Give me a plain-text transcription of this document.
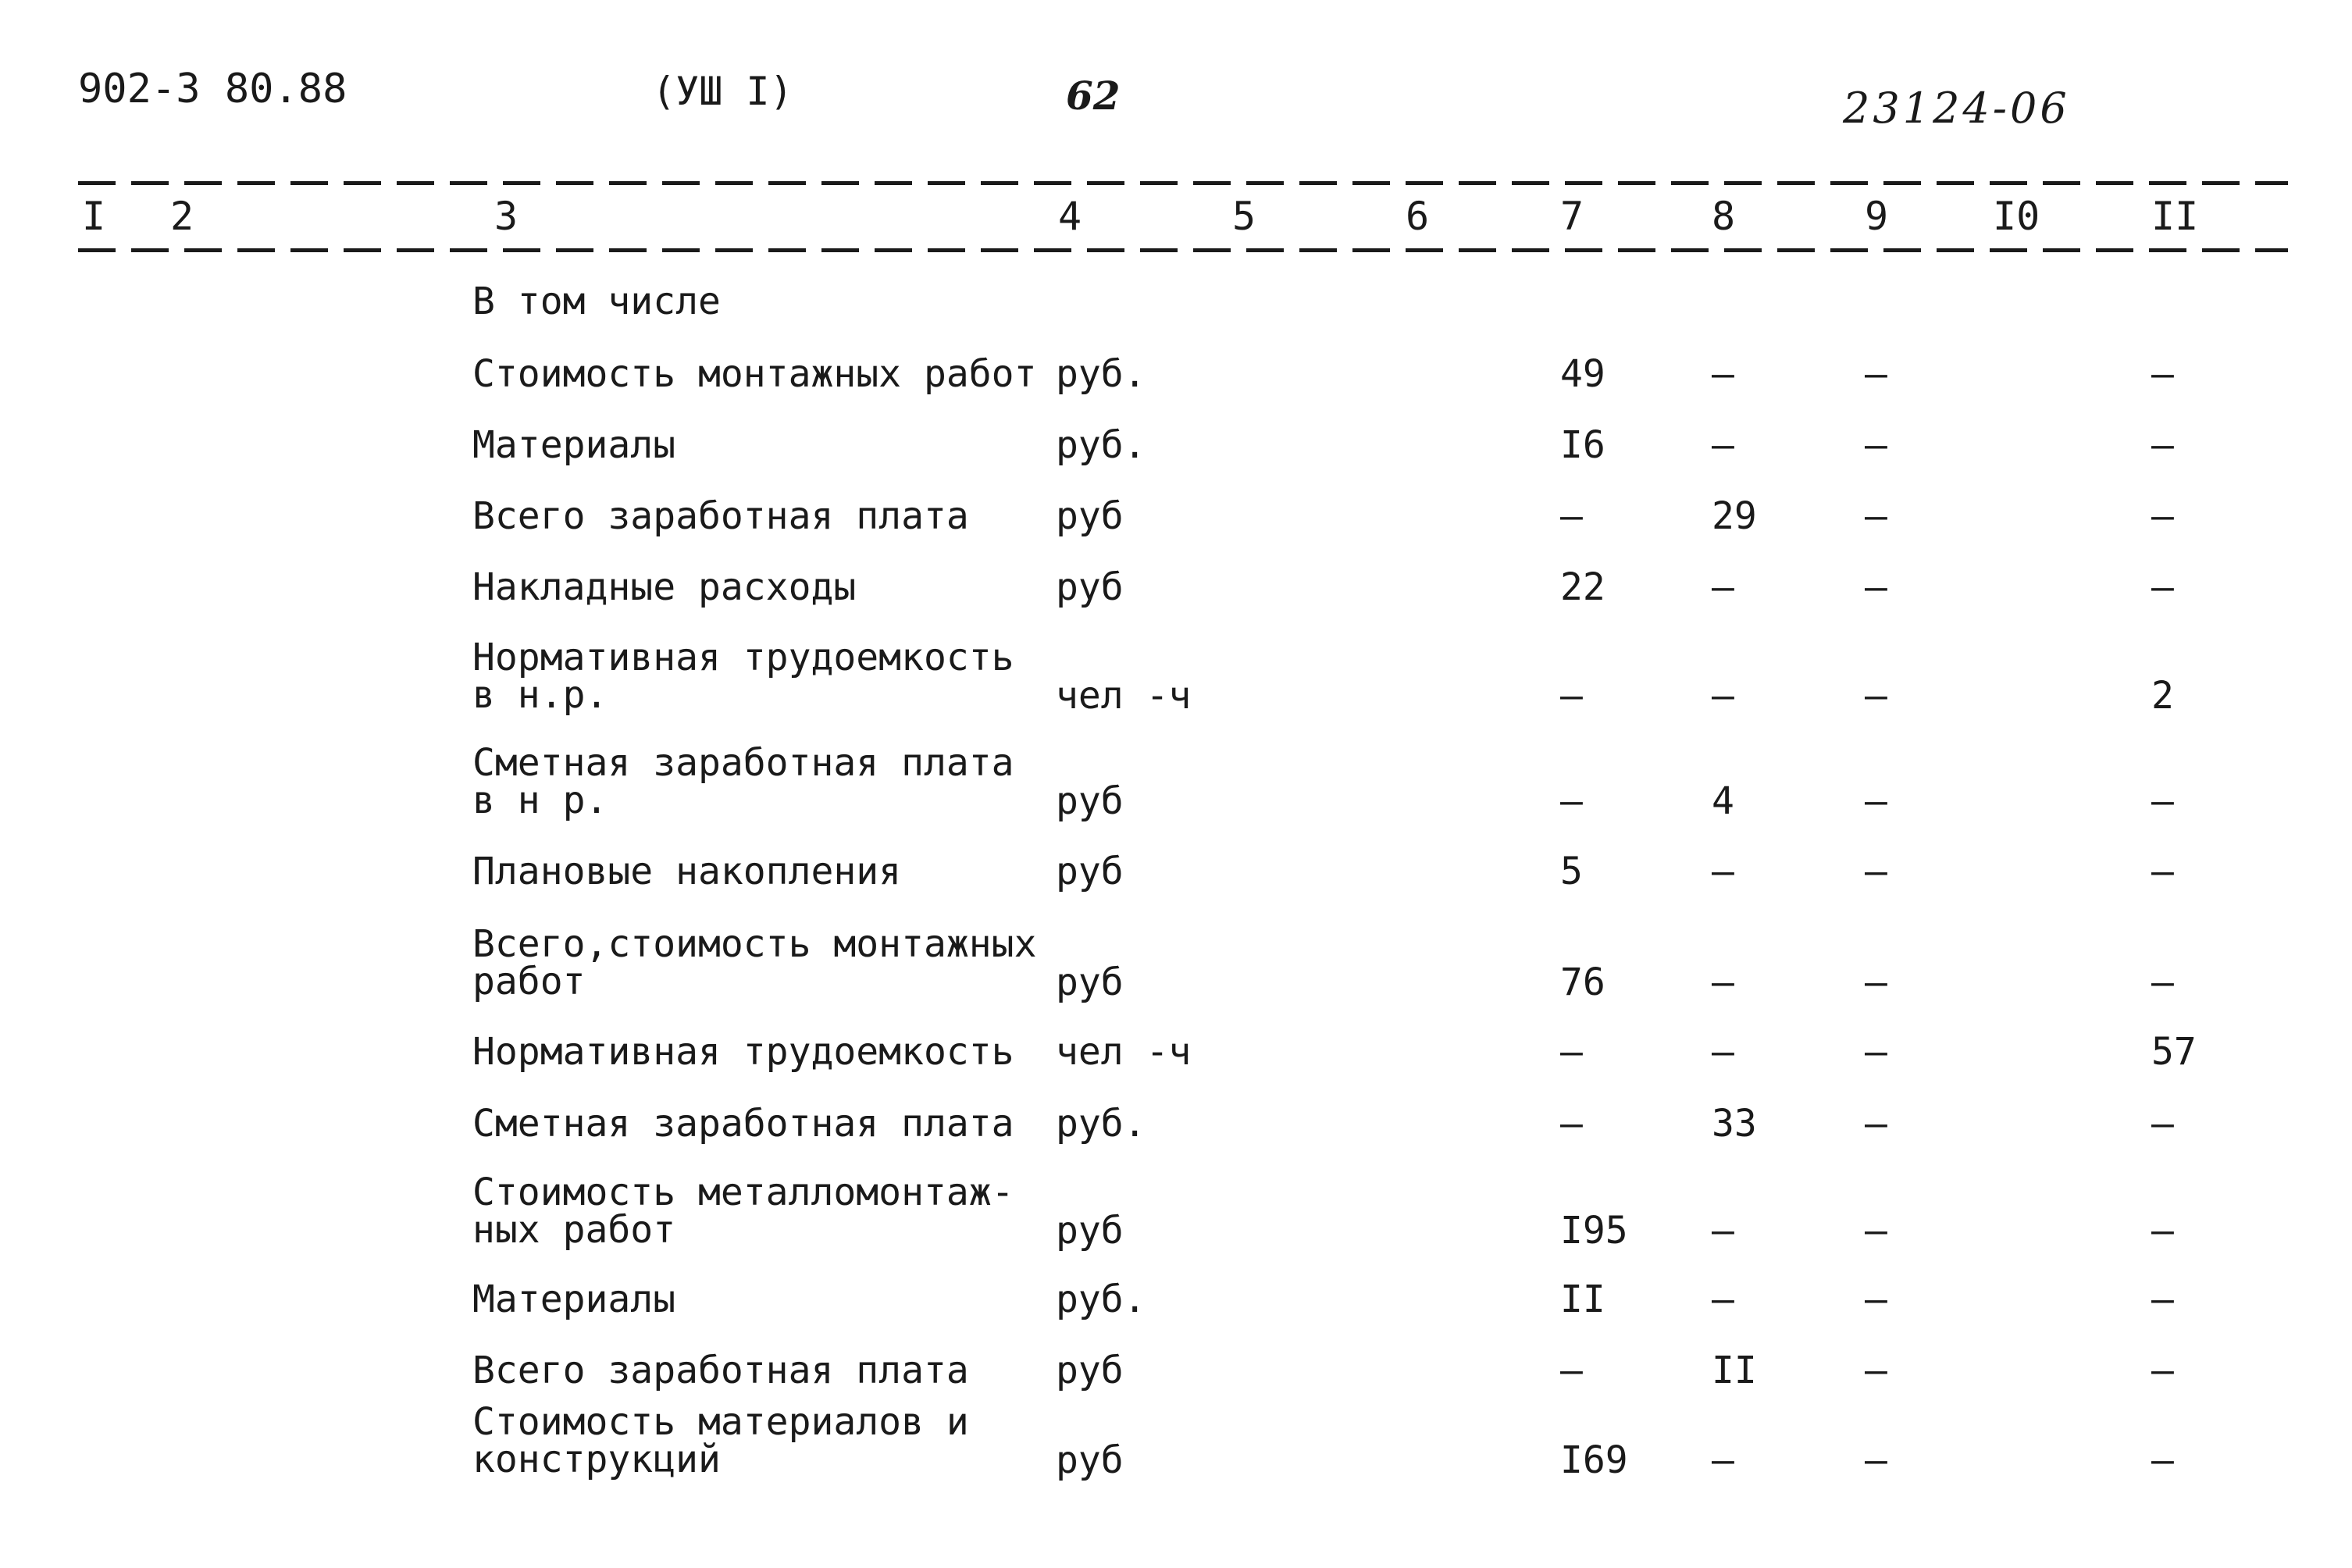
902-3 80.88	(УШ I)	62	23124-06
I 2	3	4	5	6	7	8	9	I0	II
В том числе
Стоимость монтажных работ руб.	49	–	–	–
Материалы	руб.	I6	–	–	–
Всего заработная плата руб	–	29	–	–
Накладные расходы	руб	22	–	–	–
Нормативная трудоемкость
в н.р.	чел -ч	–	–	–	2
Сметная заработная плата
в н р.	руб	–	4	–	–
Плановые накопления	руб	5	–	–	–
Всего,стоимость монтажных
работ	руб	76	–	–	–
Нормативная трудоемкость чел -ч	–	–	–	57
Сметная заработная плата руб.	–	33	–	–
Стоимость металломонтаж-
ных работ	руб	I95 –	–	–
Материалы	руб.	II	–	–	–
Всего заработная плата руб	–	II	–	–
Стоимость материалов и
конструкций	руб	I69 –	–	–
